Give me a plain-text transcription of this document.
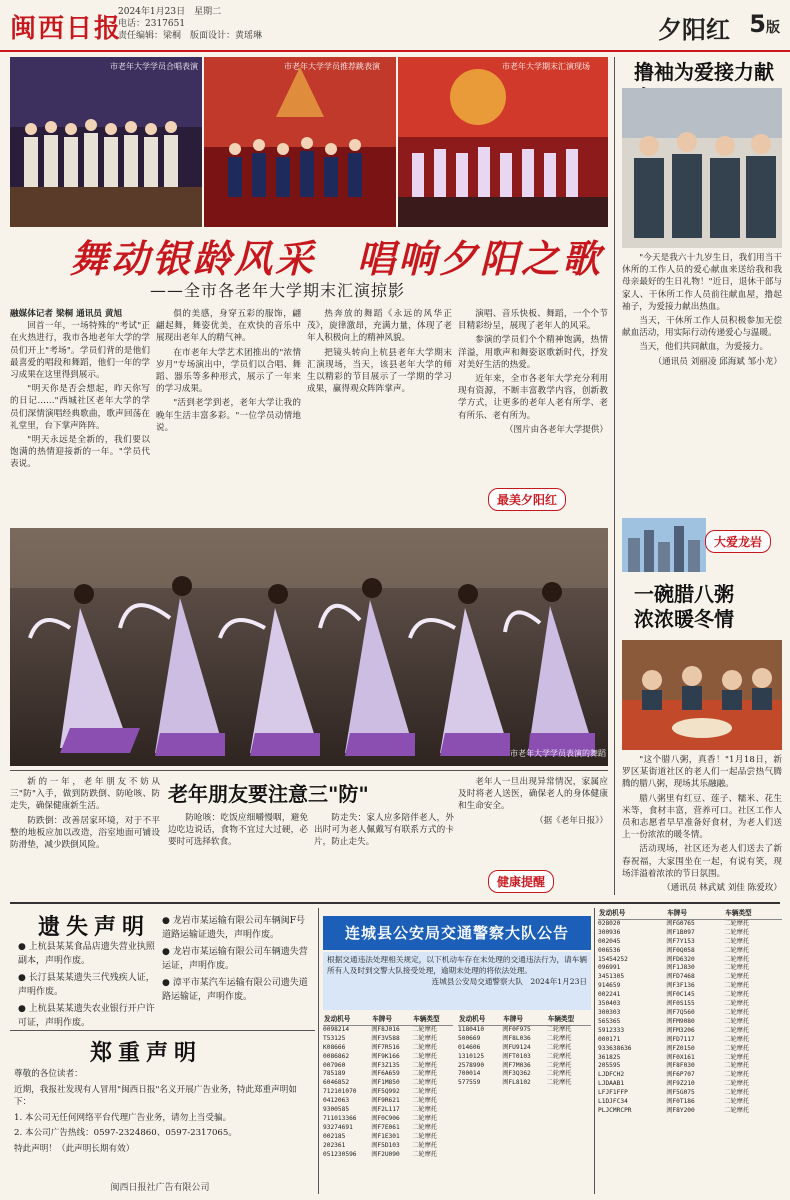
闽西日报
2024年1月23日　星期二
电话：2317651
责任编辑：梁桐　版面设计：黄瑶琳	夕阳红 5版
市老年大学学员合唱表演	市老年大学学员推荐跳表演	市老年大学期末汇演现场
舞动银龄风采　唱响夕阳之歌
——全市各老年大学期末汇演掠影
融媒体记者 梁桐 通讯员 黄旭

回首一年，一场特殊的"考试"正在火热进行，我市各地老年大学的学员们开上"考场"。学员们背的是他们最喜爱的唱段和舞蹈，他们一年的学习成果在这里得到展示。

"明天你是否会想起，昨天你写的日记……"西城社区老年大学的学员们深情演唱经典歌曲，歌声回荡在礼堂里，台下掌声阵阵。

"明天永远是全新的，我们要以饱满的热情迎接新的一年。"学员代表说。

俱的美感，身穿五彩的服饰，翩翩起舞，舞姿优美，在欢快的音乐中展现出老年人的精气神。

在市老年大学艺术团推出的"浓情岁月"专场演出中，学员们以合唱、舞蹈、器乐等多种形式，展示了一年来的学习成果。

"活到老学到老，老年大学让我的晚年生活丰富多彩。"一位学员动情地说。

热奔放的舞蹈《永远的风华正茂》，旋律激昂，充满力量，体现了老年人积极向上的精神风貌。

把镜头转向上杭县老年大学期末汇演现场，当天，该县老年大学的师生以精彩的节目展示了一学期的学习成果，赢得观众阵阵掌声。

演唱、音乐快板、舞蹈，一个个节目精彩纷呈，展现了老年人的风采。

参演的学员们个个精神饱满，热情洋溢，用歌声和舞姿讴歌新时代，抒发对美好生活的热爱。

近年来，全市各老年大学充分利用现有资源，不断丰富教学内容，创新教学方式，让更多的老年人老有所学、老有所乐、老有所为。

（图片由各老年大学提供）
最美夕阳红
市老年大学学员表演的舞蹈
撸袖为爱接力献

"今天是我六十九岁生日，我们用当干休所的工作人员的爱心献血来送给我和我母亲最好的生日礼物！"近日，退休干部与家人、干休所工作人员前往献血屋，撸起袖子，为爱接力献出热血。

当天，干休所工作人员积极参加无偿献血活动，用实际行动传递爱心与温暖。

当天，他们共同献血，为爱接力。

（通讯员 刘丽凌 邱海斌 邹小龙）
大爱龙岩
一碗腊八粥
浓浓暖冬情

"这个腊八粥，真香！"1月18日，新罗区某街道社区的老人们一起品尝热气腾腾的腊八粥，现场其乐融融。

腊八粥里有红豆、莲子、糯米、花生米等，食材丰富，营养可口。社区工作人员和志愿者早早准备好食材，为老人们送上一份浓浓的暖冬情。

活动现场，社区还为老人们送去了新春祝福，大家围坐在一起，有说有笑，现场洋溢着浓浓的节日氛围。

（通讯员 林武斌 刘佳 陈爱玫）
老年朋友要注意三"防"

新的一年，老年朋友不妨从三"防"入手，做到防跌倒、防呛咳、防走失，确保健康新生活。

防跌倒：改善居家环境，对于不平整的地板应加以改造，浴室地面可铺设防滑垫，减少跌倒风险。

防呛咳：吃饭应细嚼慢咽，避免边吃边说话，食物不宜过大过硬，必要时可选择软食。

防走失：家人应多陪伴老人，外出时可为老人佩戴写有联系方式的卡片，防止走失。

老年人一旦出现异常情况，家属应及时将老人送医，确保老人的身体健康和生命安全。

（据《老年日报》）

健康提醒
遗失声明

● 上杭县某某食品店遗失营业执照副本，声明作废。

● 长汀县某某遗失三代残疾人证，声明作废。

● 上杭县某某遗失农业银行开户许可证，声明作废。

● 龙岩市某运输有限公司车辆闽F号道路运输证遗失，声明作废。

● 龙岩市某运输有限公司车辆遗失营运证，声明作废。

● 漳平市某汽车运输有限公司遗失道路运输证，声明作废。

郑重声明

尊敬的各位读者：

近期，我报社发现有人冒用"闽西日报"名义开展广告业务，特此郑重声明如下：

1. 本公司无任何网络平台代理广告业务，请勿上当受骗。

2. 本公司广告热线：0597-2324860、0597-2317065。

特此声明！（此声明长期有效）

闽西日报社广告有限公司
连城县公安局交通警察大队公告
根据交通违法处理相关规定，以下机动车存在未处理的交通违法行为，请车辆所有人及时到交警大队接受处理，逾期未处理的将依法处理。
连城县公安局交通警察大队　2024年1月23日
发动机号	车牌号	车辆类型
0098214	闽F8J016	二轮摩托
T53125	闽F3V588	二轮摩托
K08666	闽F7R516	二轮摩托
0086862	闽F9K166	二轮摩托
007960	闽F3Z135	二轮摩托
785189	闽F6A659	二轮摩托
6046852	闽F1M850	二轮摩托
712101070	闽F5Q992	二轮摩托
0412063	闽F9R621	二轮摩托
9300585	闽F2L117	二轮摩托
711013366	闽F0C906	二轮摩托
93274691	闽F7E061	二轮摩托
002185	闽F1E301	二轮摩托
202361	闽F5D103	二轮摩托
051230596	闽F2U090	二轮摩托
发动机号	车牌号	车辆类型
1180410	闽F0F975	二轮摩托
500669	闽F8L036	二轮摩托
014606	闽FU9124	二轮摩托
1310125	闽FT0103	二轮摩托
2578990	闽F7M036	二轮摩托
700014	闽F3Q362	二轮摩托
577559	闽FL8102	二轮摩托
发动机号	车牌号	车辆类型
028020	闽FG0765	二轮摩托
300936	闽F1B097	二轮摩托
002045	闽F7Y153	二轮摩托
006536	闽F0Q058	二轮摩托
15454252	闽FD6320	二轮摩托
096991	闽F1J830	二轮摩托
3451305	闽FD7468	二轮摩托
914659	闽F3F136	二轮摩托
002241	闽F0C145	二轮摩托
350403	闽F0S155	二轮摩托
300303	闽F7Q560	二轮摩托
565365	闽FM9080	二轮摩托
5912333	闽FM3206	二轮摩托
000171	闽FD7117	二轮摩托
933638636	闽FZ0150	二轮摩托
361825	闽F0X161	二轮摩托
205595	闽F8F030	二轮摩托
LJDFCH2	闽F6P707	二轮摩托
LJDAAB1	闽F9Z210	二轮摩托
LFJF1FFP	闽F5G075	二轮摩托
L1DJFC34	闽F0T186	二轮摩托
PLJCMRCPR	闽F8Y200	二轮摩托
